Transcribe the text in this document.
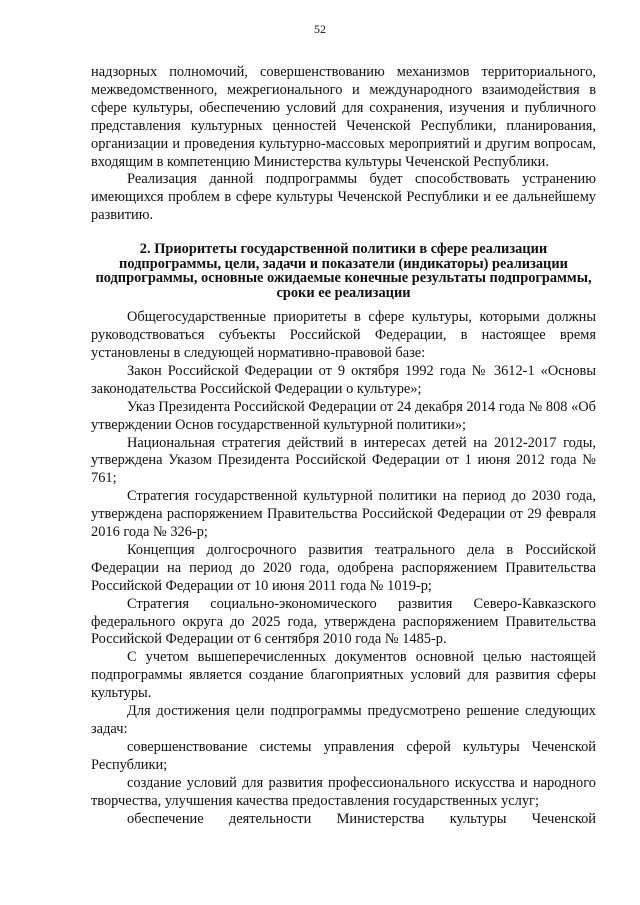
52

надзорных полномочий, совершенствованию механизмов территориального, межведомственного, межрегионального и международного взаимодействия в сфере культуры, обеспечению условий для сохранения, изучения и публичного представления культурных ценностей Чеченской Республики, планирования, организации и проведения культурно-массовых мероприятий и другим вопросам, входящим в компетенцию Министерства культуры Чеченской Республики.

Реализация данной подпрограммы будет способствовать устранению имеющихся проблем в сфере культуры Чеченской Республики и ее дальнейшему развитию.

2. Приоритеты государственной политики в сфере реализации подпрограммы, цели, задачи и показатели (индикаторы) реализации подпрограммы, основные ожидаемые конечные результаты подпрограммы, сроки ее реализации

Общегосударственные приоритеты в сфере культуры, которыми должны руководствоваться субъекты Российской Федерации, в настоящее время установлены в следующей нормативно-правовой базе:

Закон Российской Федерации от 9 октября 1992 года № 3612-1 «Основы законодательства Российской Федерации о культуре»;

Указ Президента Российской Федерации от 24 декабря 2014 года № 808 «Об утверждении Основ государственной культурной политики»;

Национальная стратегия действий в интересах детей на 2012-2017 годы, утверждена Указом Президента Российской Федерации от 1 июня 2012 года № 761;

Стратегия государственной культурной политики на период до 2030 года, утверждена распоряжением Правительства Российской Федерации от 29 февраля 2016 года № 326-р;

Концепция долгосрочного развития театрального дела в Российской Федерации на период до 2020 года, одобрена распоряжением Правительства Российской Федерации от 10 июня 2011 года № 1019-р;

Стратегия социально-экономического развития Северо-Кавказского федерального округа до 2025 года, утверждена распоряжением Правительства Российской Федерации от 6 сентября 2010 года № 1485-р.

С учетом вышеперечисленных документов основной целью настоящей подпрограммы является создание благоприятных условий для развития сферы культуры.

Для достижения цели подпрограммы предусмотрено решение следующих задач:

совершенствование системы управления сферой культуры Чеченской Республики;

создание условий для развития профессионального искусства и народного творчества, улучшения качества предоставления государственных услуг;

обеспечение деятельности Министерства культуры Чеченской
